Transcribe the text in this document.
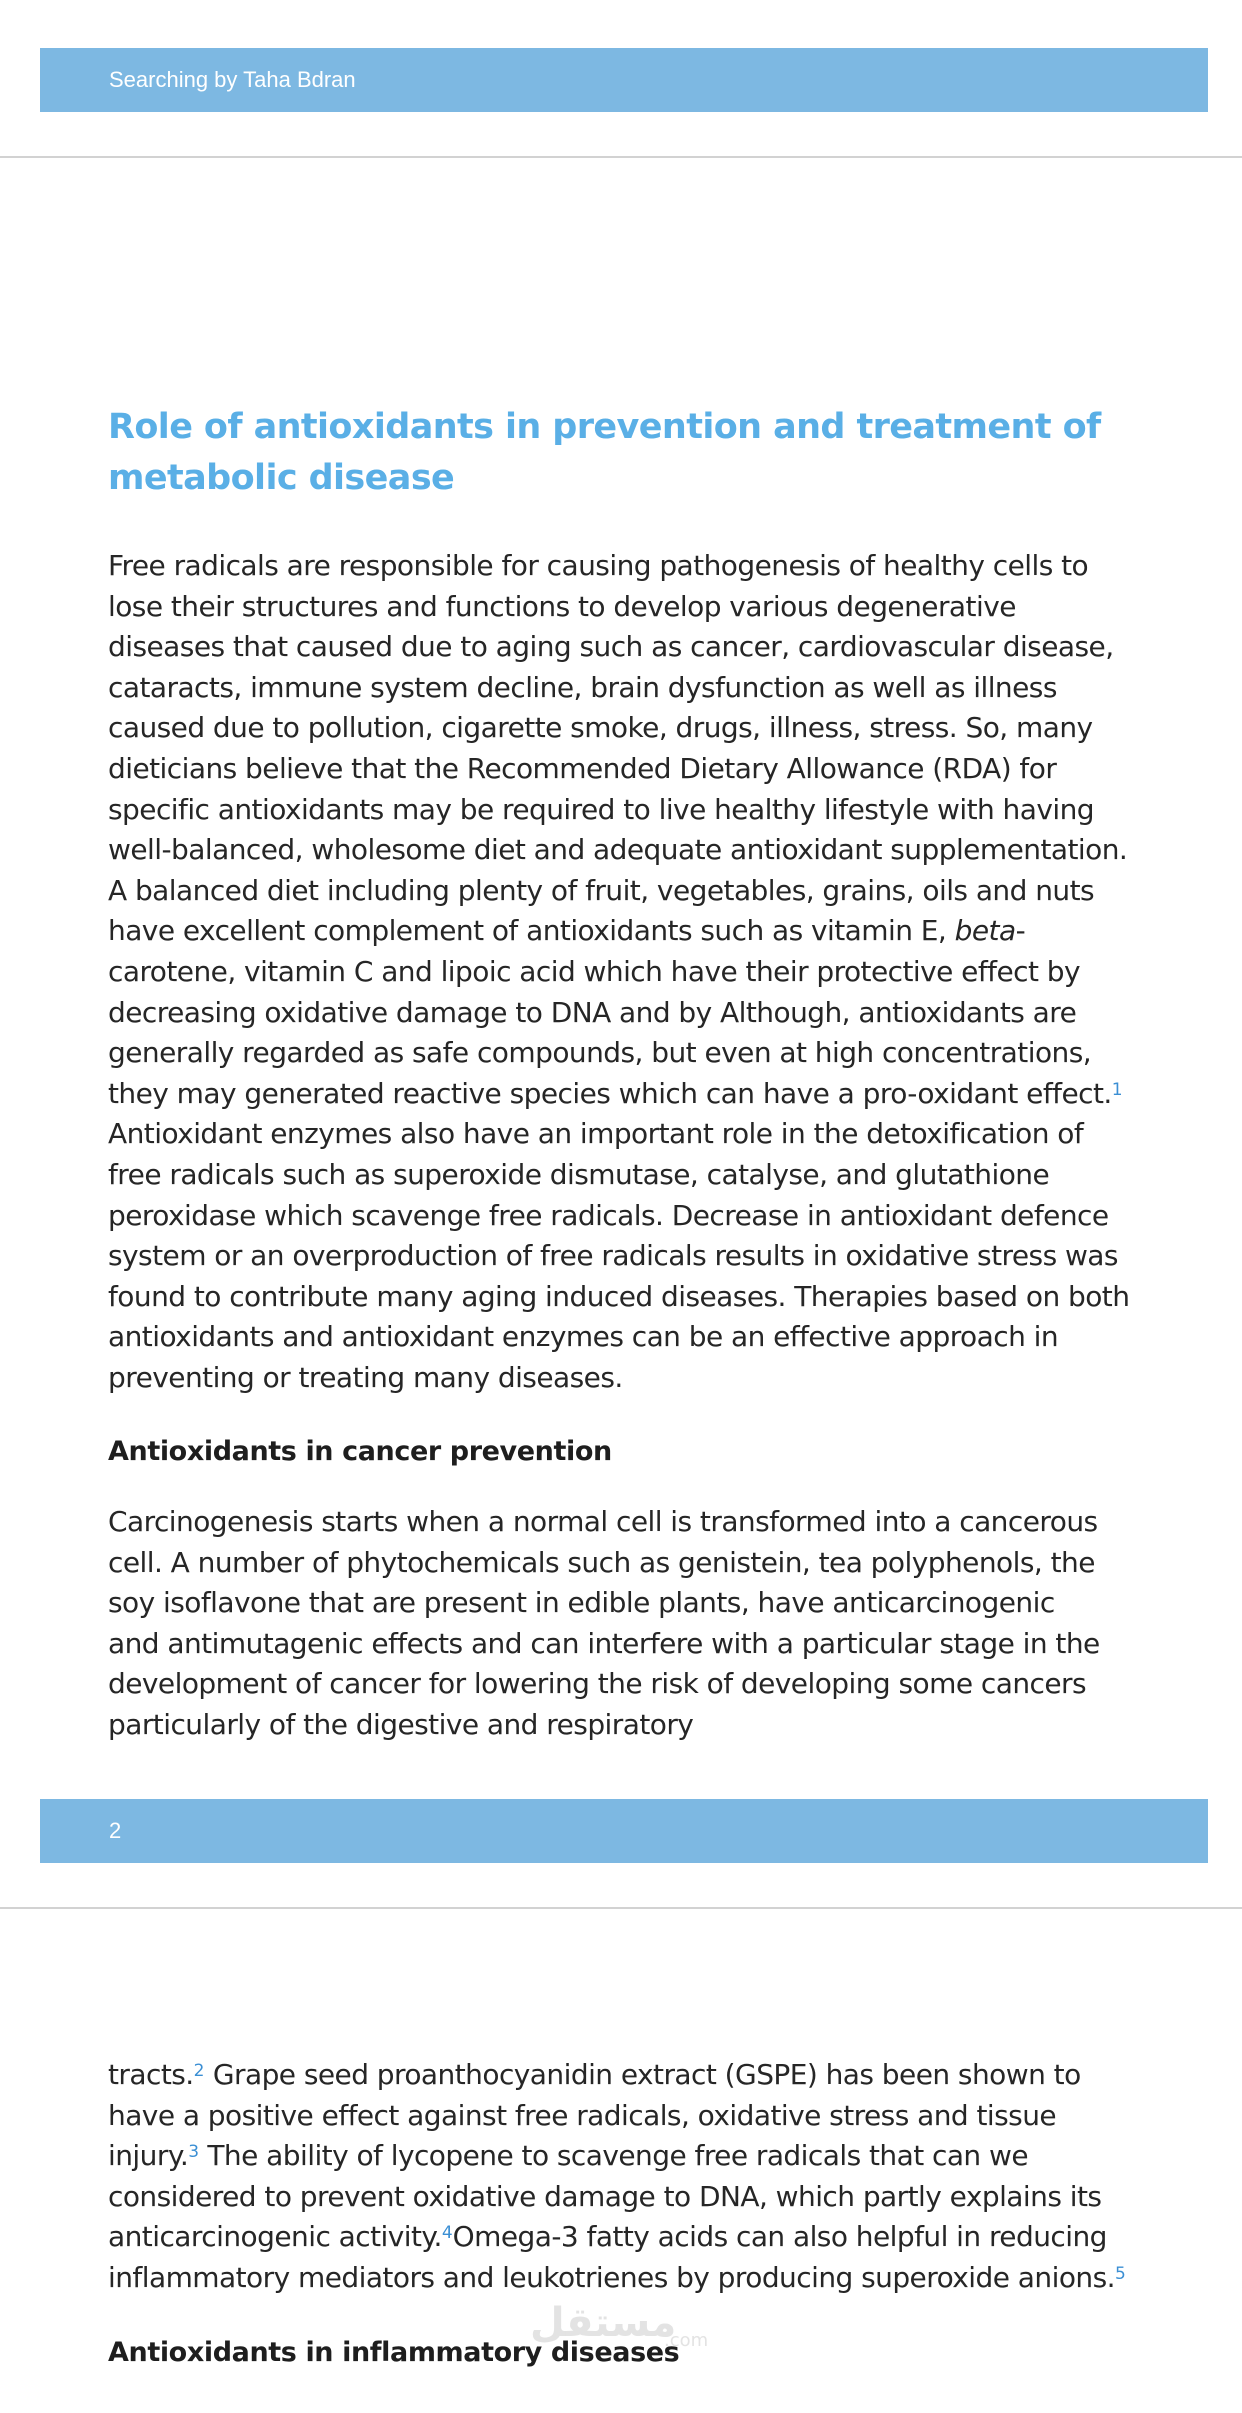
Searching by Taha Bdran
Role of antioxidants in prevention and treatment of
metabolic disease
Free radicals are responsible for causing pathogenesis of healthy cells to
lose their structures and functions to develop various degenerative
diseases that caused due to aging such as cancer, cardiovascular disease,
cataracts, immune system decline, brain dysfunction as well as illness
caused due to pollution, cigarette smoke, drugs, illness, stress. So, many
dieticians believe that the Recommended Dietary Allowance (RDA) for
specific antioxidants may be required to live healthy lifestyle with having
well-balanced, wholesome diet and adequate antioxidant supplementation.
A balanced diet including plenty of fruit, vegetables, grains, oils and nuts
have excellent complement of antioxidants such as vitamin E, beta-
carotene, vitamin C and lipoic acid which have their protective effect by
decreasing oxidative damage to DNA and by Although, antioxidants are
generally regarded as safe compounds, but even at high concentrations,
they may generated reactive species which can have a pro-oxidant effect.$^1$
Antioxidant enzymes also have an important role in the detoxification of
free radicals such as superoxide dismutase, catalyse, and glutathione
peroxidase which scavenge free radicals. Decrease in antioxidant defence
system or an overproduction of free radicals results in oxidative stress was
found to contribute many aging induced diseases. Therapies based on both
antioxidants and antioxidant enzymes can be an effective approach in
preventing or treating many diseases.
Antioxidants in cancer prevention
Carcinogenesis starts when a normal cell is transformed into a cancerous
cell. A number of phytochemicals such as genistein, tea polyphenols, the
soy isoflavone that are present in edible plants, have anticarcinogenic
and antimutagenic effects and can interfere with a particular stage in the
development of cancer for lowering the risk of developing some cancers
particularly of the digestive and respiratory
2
tracts.$^2$ Grape seed proanthocyanidin extract (GSPE) has been shown to
have a positive effect against free radicals, oxidative stress and tissue
injury.$^3$ The ability of lycopene to scavenge free radicals that can we
considered to prevent oxidative damage to DNA, which partly explains its
anticarcinogenic activity.$^4$Omega-3 fatty acids can also helpful in reducing
inflammatory mediators and leukotrienes by producing superoxide anions.$^5$
مستقل
.com
Antioxidants in inflammatory diseases
